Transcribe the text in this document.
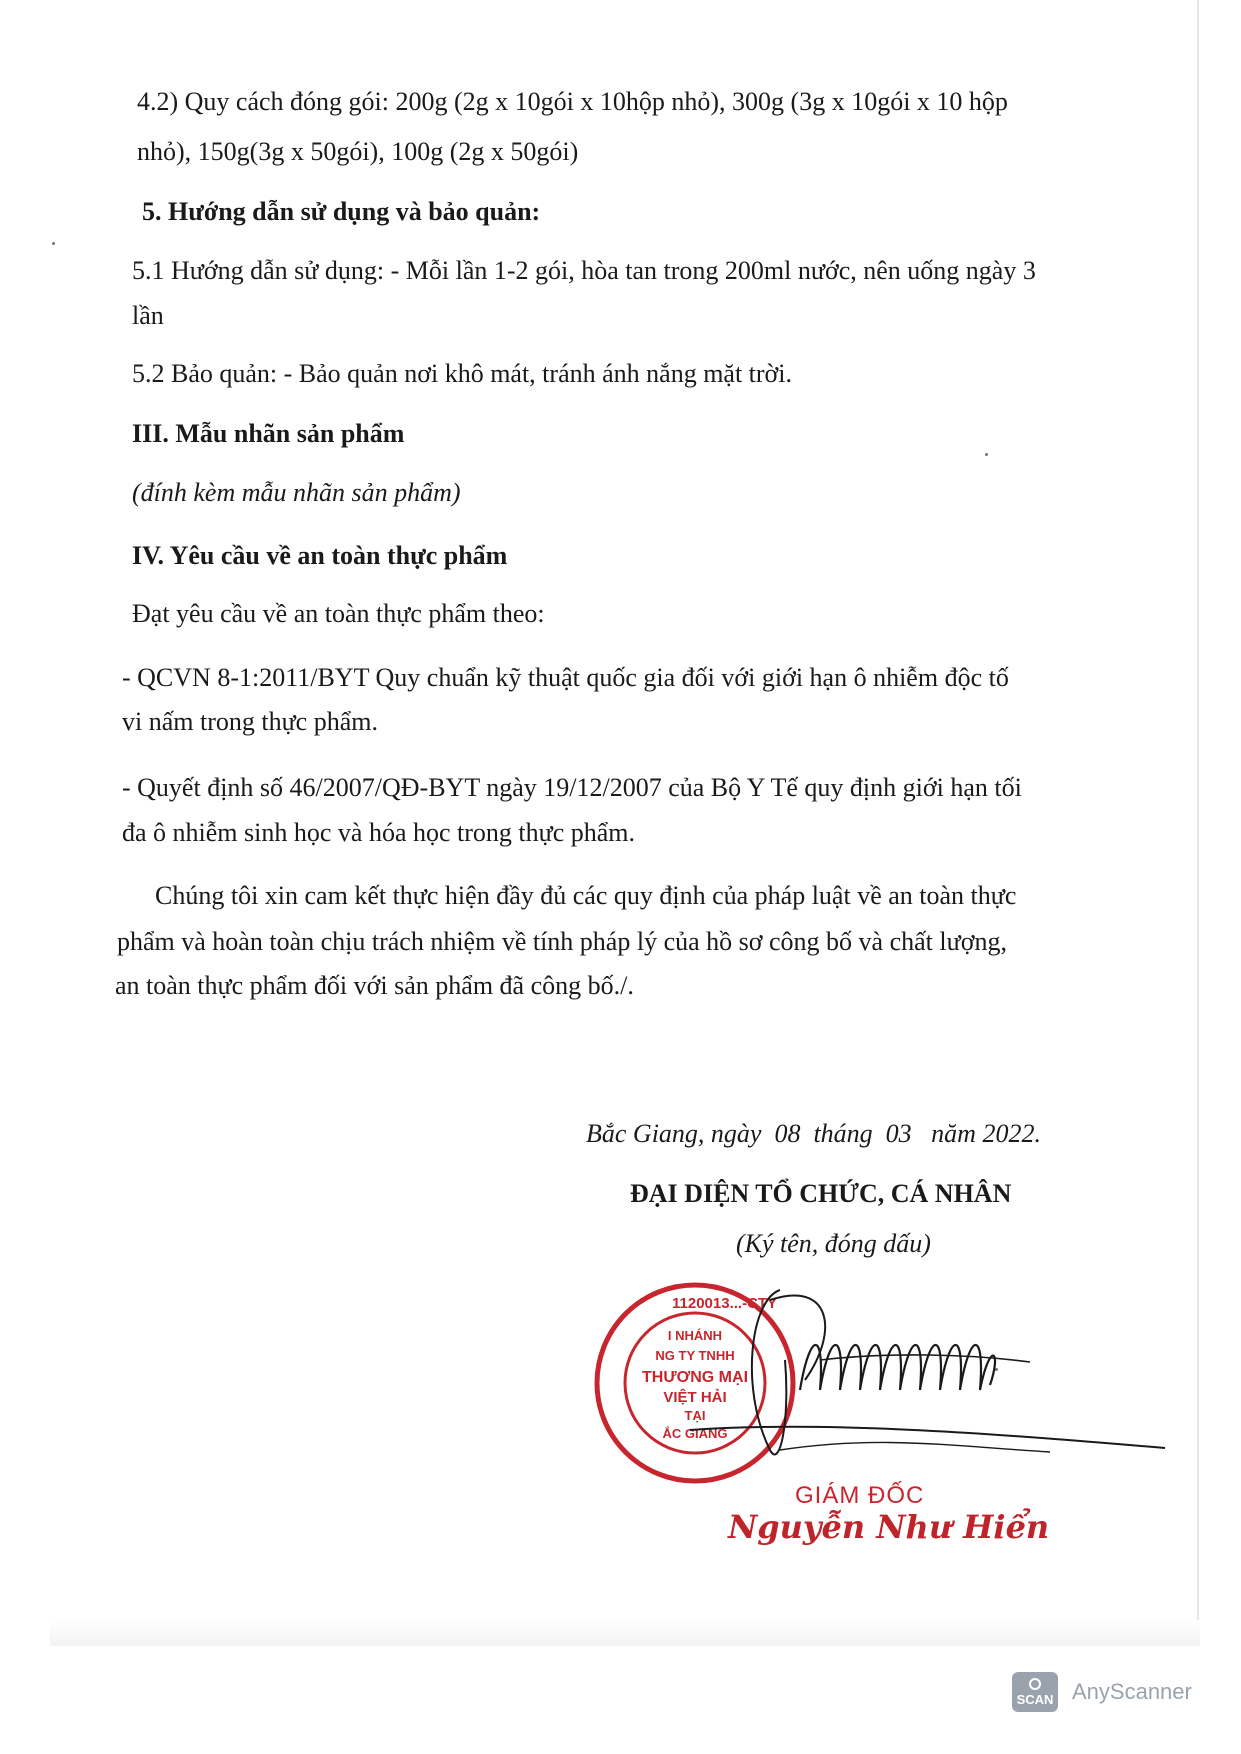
4.2) Quy cách đóng gói: 200g (2g x 10gói x 10hộp nhỏ), 300g (3g x 10gói x 10 hộp
nhỏ), 150g(3g x 50gói), 100g (2g x 50gói)
5. Hướng dẫn sử dụng và bảo quản:
5.1 Hướng dẫn sử dụng: - Mỗi lần 1-2 gói, hòa tan trong 200ml nước, nên uống ngày 3
lần
5.2 Bảo quản: - Bảo quản nơi khô mát, tránh ánh nắng mặt trời.
III. Mẫu nhãn sản phẩm
(đính kèm mẫu nhãn sản phẩm)
IV. Yêu cầu về an toàn thực phẩm
Đạt yêu cầu về an toàn thực phẩm theo:
- QCVN 8-1:2011/BYT Quy chuẩn kỹ thuật quốc gia đối với giới hạn ô nhiễm độc tố
vi nấm trong thực phẩm.
- Quyết định số 46/2007/QĐ-BYT ngày 19/12/2007 của Bộ Y Tế quy định giới hạn tối
đa ô nhiễm sinh học và hóa học trong thực phẩm.
Chúng tôi xin cam kết thực hiện đầy đủ các quy định của pháp luật về an toàn thực
phẩm và hoàn toàn chịu trách nhiệm về tính pháp lý của hồ sơ công bố và chất lượng,
an toàn thực phẩm đối với sản phẩm đã công bố./.
Bắc Giang, ngày  08  tháng  03   năm 2022.
ĐẠI DIỆN TỔ CHỨC, CÁ NHÂN
(Ký tên, đóng dấu)
1120013...-CTY
I NHÁNH
NG TY TNHH
THƯƠNG MẠI
VIỆT HẢI
TẠI
ẮC GIANG
GIÁM ĐỐC
Nguyễn Như Hiển
SCAN AnyScanner
